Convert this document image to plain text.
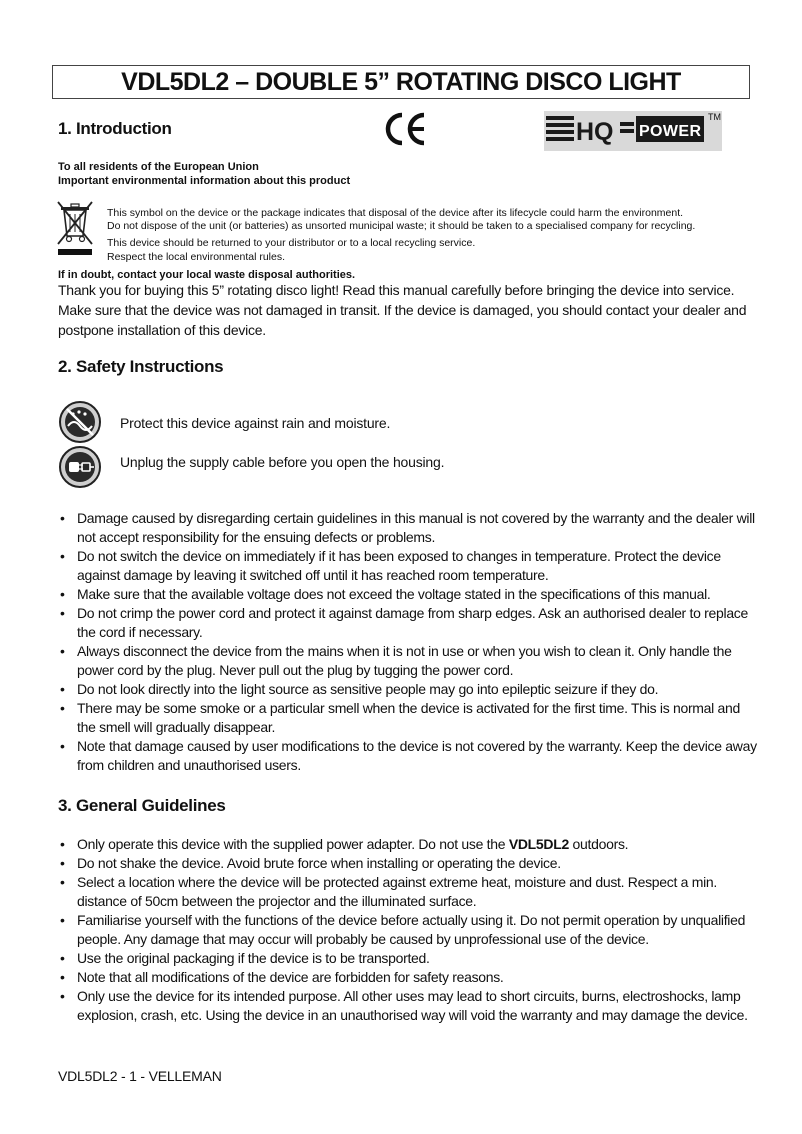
VDL5DL2 – DOUBLE 5” ROTATING DISCO LIGHT
1. Introduction
CE
HQ POWER
TM
To all residents of the European Union
Important environmental information about this product
This symbol on the device or the package indicates that disposal of the device after its lifecycle could harm the environment.
Do not dispose of the unit (or batteries) as unsorted municipal waste; it should be taken to a specialised company for recycling.
This device should be returned to your distributor or to a local recycling service.
Respect the local environmental rules.
If in doubt, contact your local waste disposal authorities.
Thank you for buying this 5” rotating disco light! Read this manual carefully before bringing the device into service. Make sure that the device was not damaged in transit. If the device is damaged, you should contact your dealer and postpone installation of this device.
2. Safety Instructions
Protect this device against rain and moisture.
Unplug the supply cable before you open the housing.
• Damage caused by disregarding certain guidelines in this manual is not covered by the warranty and the dealer will not accept responsibility for the ensuing defects or problems.
• Do not switch the device on immediately if it has been exposed to changes in temperature. Protect the device against damage by leaving it switched off until it has reached room temperature.
• Make sure that the available voltage does not exceed the voltage stated in the specifications of this manual.
• Do not crimp the power cord and protect it against damage from sharp edges. Ask an authorised dealer to replace the cord if necessary.
• Always disconnect the device from the mains when it is not in use or when you wish to clean it. Only handle the power cord by the plug. Never pull out the plug by tugging the power cord.
• Do not look directly into the light source as sensitive people may go into epileptic seizure if they do.
• There may be some smoke or a particular smell when the device is activated for the first time. This is normal and the smell will gradually disappear.
• Note that damage caused by user modifications to the device is not covered by the warranty. Keep the device away from children and unauthorised users.
3. General Guidelines
• Only operate this device with the supplied power adapter. Do not use the VDL5DL2 outdoors.
• Do not shake the device. Avoid brute force when installing or operating the device.
• Select a location where the device will be protected against extreme heat, moisture and dust. Respect a min. distance of 50cm between the projector and the illuminated surface.
• Familiarise yourself with the functions of the device before actually using it. Do not permit operation by unqualified people. Any damage that may occur will probably be caused by unprofessional use of the device.
• Use the original packaging if the device is to be transported.
• Note that all modifications of the device are forbidden for safety reasons.
• Only use the device for its intended purpose. All other uses may lead to short circuits, burns, electroshocks, lamp explosion, crash, etc. Using the device in an unauthorised way will void the warranty and may damage the device.
VDL5DL2 - 1 - VELLEMAN
